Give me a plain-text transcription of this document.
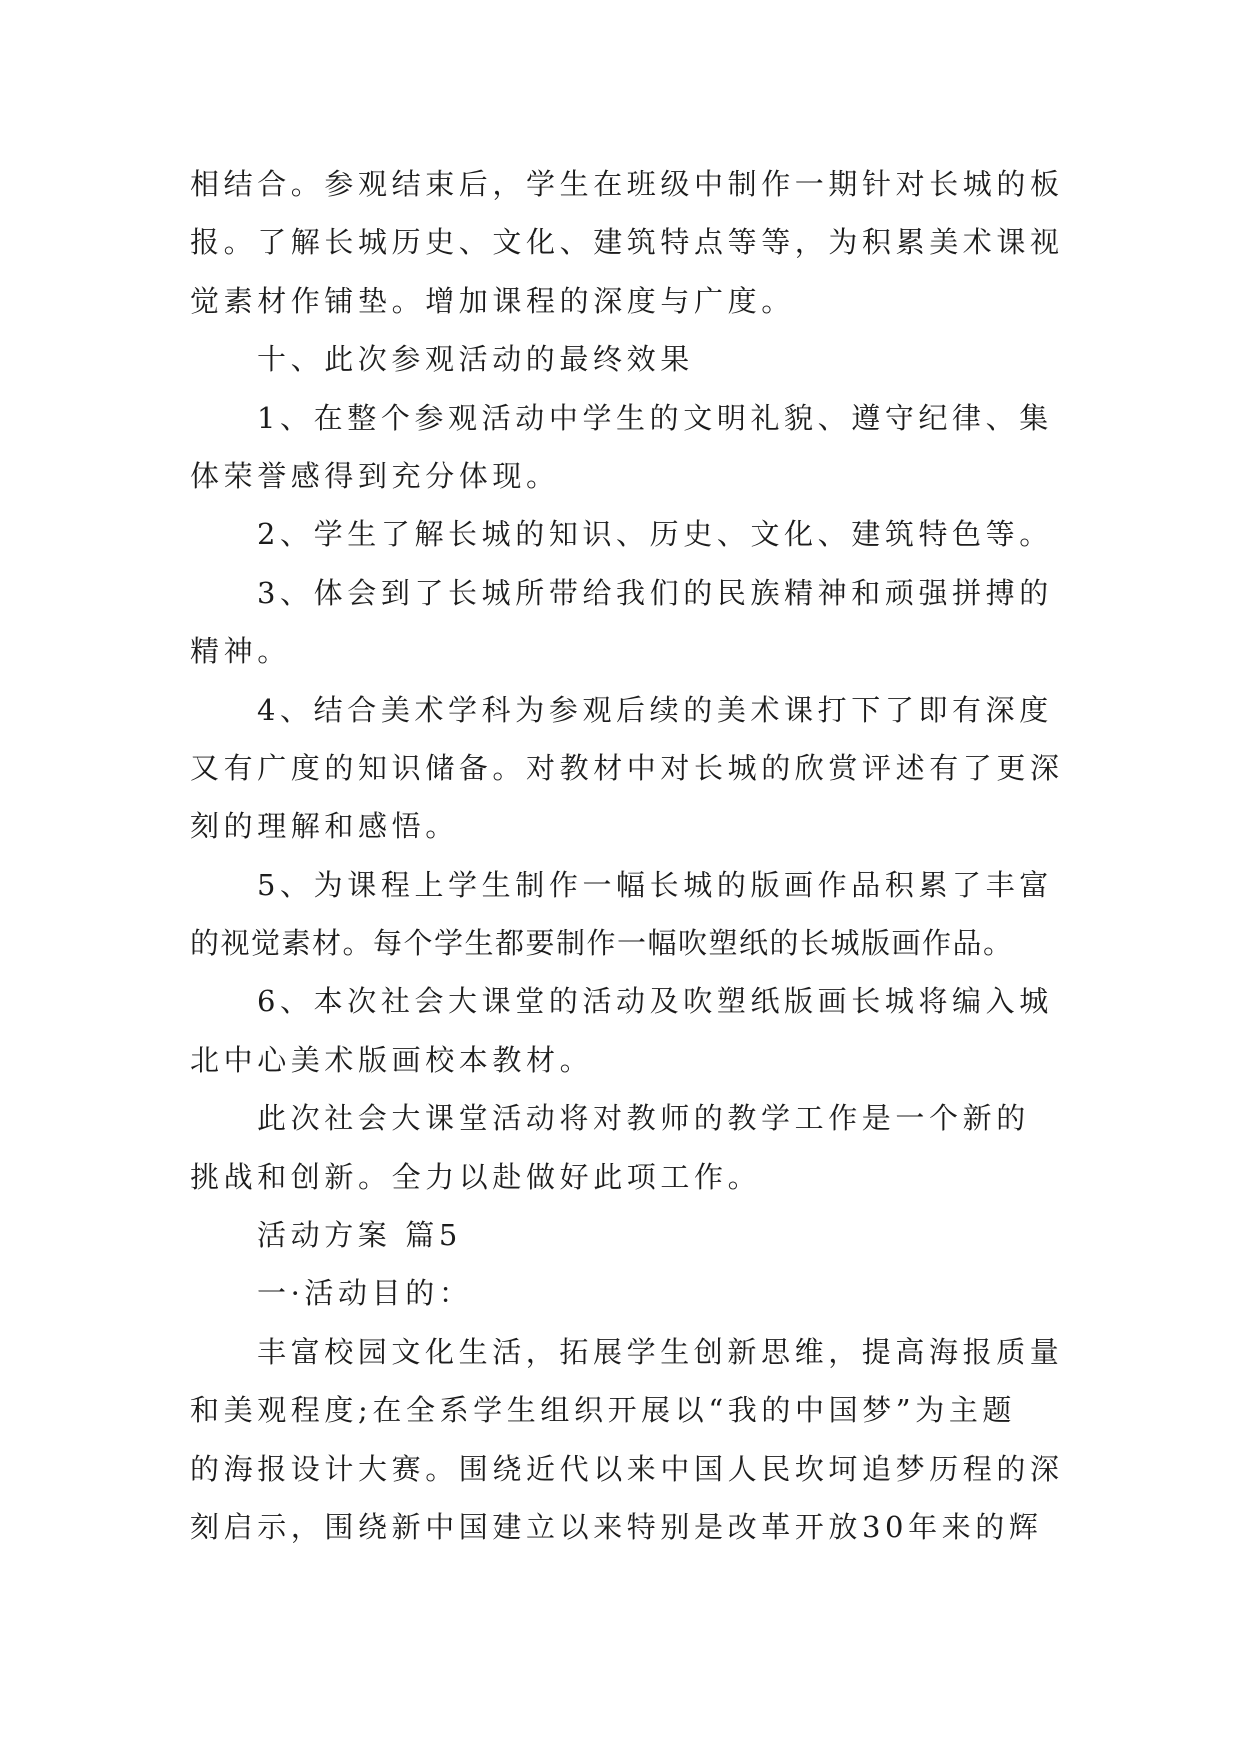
相结合。参观结束后，学生在班级中制作一期针对长城的板
报。了解长城历史、文化、建筑特点等等，为积累美术课视
觉素材作铺垫。增加课程的深度与广度。
十、此次参观活动的最终效果
1、在整个参观活动中学生的文明礼貌、遵守纪律、集
体荣誉感得到充分体现。
2、学生了解长城的知识、历史、文化、建筑特色等。
3、体会到了长城所带给我们的民族精神和顽强拼搏的
精神。
4、结合美术学科为参观后续的美术课打下了即有深度
又有广度的知识储备。对教材中对长城的欣赏评述有了更深
刻的理解和感悟。
5、为课程上学生制作一幅长城的版画作品积累了丰富
的视觉素材。每个学生都要制作一幅吹塑纸的长城版画作品。
6、本次社会大课堂的活动及吹塑纸版画长城将编入城
北中心美术版画校本教材。
此次社会大课堂活动将对教师的教学工作是一个新的
挑战和创新。全力以赴做好此项工作。
活动方案 篇5
一·活动目的：
丰富校园文化生活，拓展学生创新思维，提高海报质量
和美观程度;在全系学生组织开展以“我的中国梦”为主题
的海报设计大赛。围绕近代以来中国人民坎坷追梦历程的深
刻启示，围绕新中国建立以来特别是改革开放30年来的辉
